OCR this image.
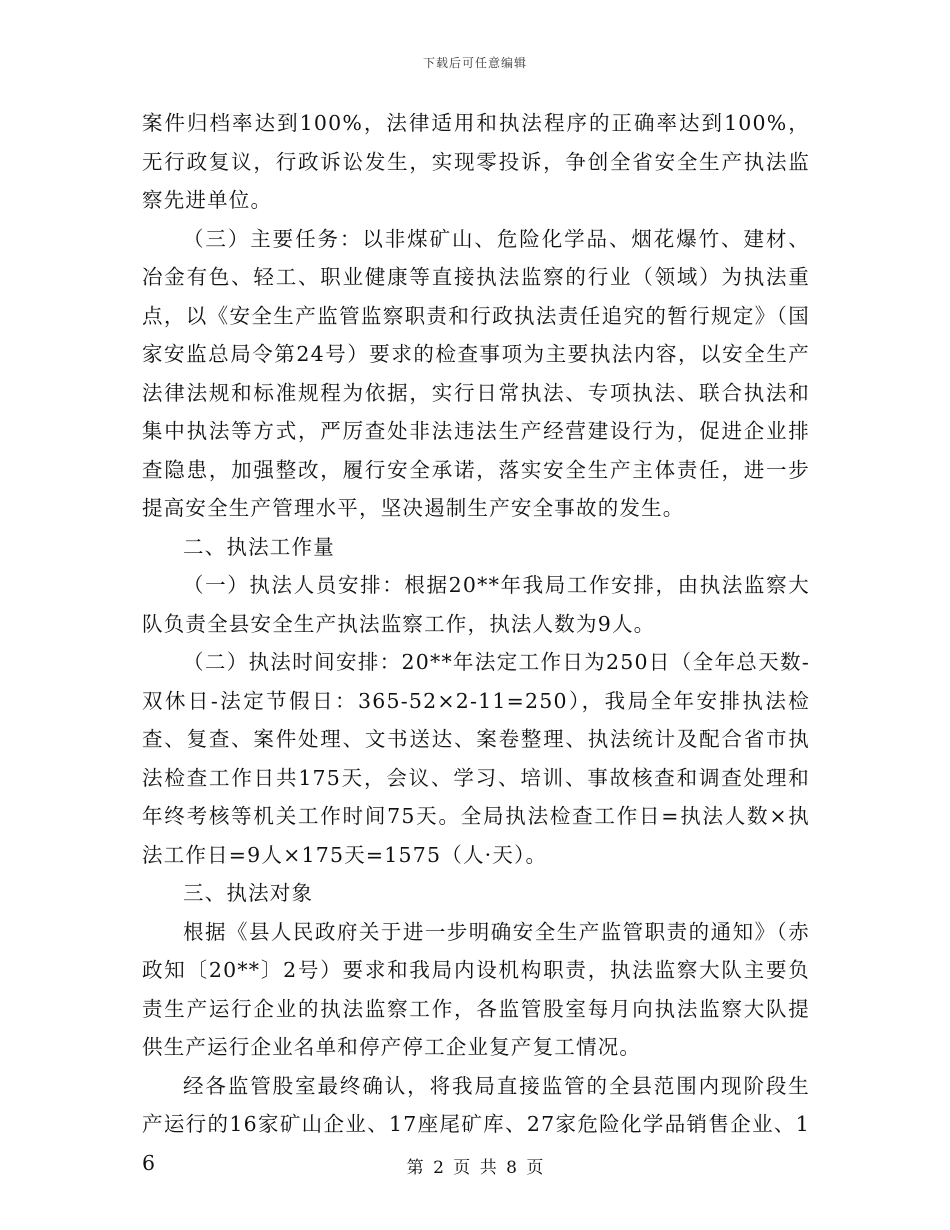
下载后可任意编辑

案件归档率达到100%，法律适用和执法程序的正确率达到100%，无行政复议，行政诉讼发生，实现零投诉，争创全省安全生产执法监察先进单位。

（三）主要任务：以非煤矿山、危险化学品、烟花爆竹、建材、冶金有色、轻工、职业健康等直接执法监察的行业（领域）为执法重点，以《安全生产监管监察职责和行政执法责任追究的暂行规定》（国家安监总局令第24号）要求的检查事项为主要执法内容，以安全生产法律法规和标准规程为依据，实行日常执法、专项执法、联合执法和集中执法等方式，严厉查处非法违法生产经营建设行为，促进企业排查隐患，加强整改，履行安全承诺，落实安全生产主体责任，进一步提高安全生产管理水平，坚决遏制生产安全事故的发生。

二、执法工作量

（一）执法人员安排：根据20**年我局工作安排，由执法监察大队负责全县安全生产执法监察工作，执法人数为9人。

（二）执法时间安排：20**年法定工作日为250日（全年总天数-双休日-法定节假日：365-52×2-11=250），我局全年安排执法检查、复查、案件处理、文书送达、案卷整理、执法统计及配合省市执法检查工作日共175天，会议、学习、培训、事故核查和调查处理和年终考核等机关工作时间75天。全局执法检查工作日=执法人数×执法工作日=9人×175天=1575（人·天）。

三、执法对象

根据《县人民政府关于进一步明确安全生产监管职责的通知》（赤政知〔20**〕2号）要求和我局内设机构职责，执法监察大队主要负责生产运行企业的执法监察工作，各监管股室每月向执法监察大队提供生产运行企业名单和停产停工企业复产复工情况。

经各监管股室最终确认，将我局直接监管的全县范围内现阶段生产运行的16家矿山企业、17座尾矿库、27家危险化学品销售企业、16	第 2 页 共 8 页
